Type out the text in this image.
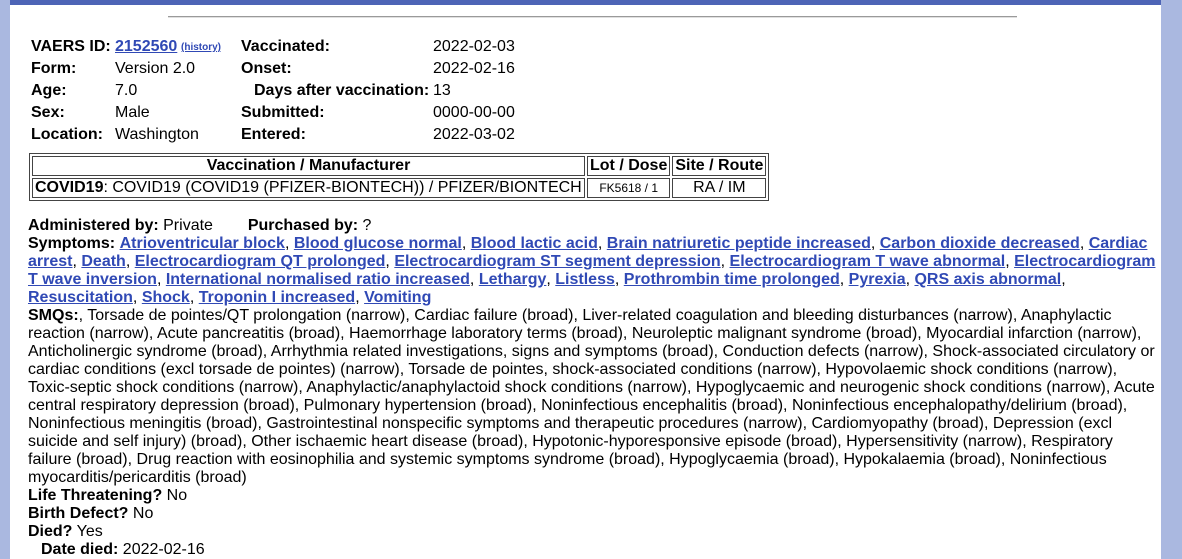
VAERS ID: 2152560 (history)
Form: Version 2.0
Age:	7.0
Sex:	Male
Location: Washington
Vaccinated:	2022-02-03
Onset:	2022-02-16
Days after vaccination: 13
Submitted:	0000-00-00
Entered:	2022-03-02
Vaccination / Manufacturer	Lot / Dose	Site / Route
COVID19: COVID19 (COVID19 (PFIZER-BIONTECH)) / PFIZER/BIONTECH	FK5618 / 1	RA / IM

Administered by: Private Purchased by: ?

Symptoms: Atrioventricular block, Blood glucose normal, Blood lactic acid, Brain natriuretic peptide increased, Carbon dioxide decreased, Cardiac arrest, Death, Electrocardiogram QT prolonged, Electrocardiogram ST segment depression, Electrocardiogram T wave abnormal, Electrocardiogram T wave inversion, International normalised ratio increased, Lethargy, Listless, Prothrombin time prolonged, Pyrexia, QRS axis abnormal, Resuscitation, Shock, Troponin I increased, Vomiting

SMQs:, Torsade de pointes/QT prolongation (narrow), Cardiac failure (broad), Liver-related coagulation and bleeding disturbances (narrow), Anaphylactic reaction (narrow), Acute pancreatitis (broad), Haemorrhage laboratory terms (broad), Neuroleptic malignant syndrome (broad), Myocardial infarction (narrow), Anticholinergic syndrome (broad), Arrhythmia related investigations, signs and symptoms (broad), Conduction defects (narrow), Shock-associated circulatory or cardiac conditions (excl torsade de pointes) (narrow), Torsade de pointes, shock-associated conditions (narrow), Hypovolaemic shock conditions (narrow), Toxic-septic shock conditions (narrow), Anaphylactic/anaphylactoid shock conditions (narrow), Hypoglycaemic and neurogenic shock conditions (narrow), Acute central respiratory depression (broad), Pulmonary hypertension (broad), Noninfectious encephalitis (broad), Noninfectious encephalopathy/delirium (broad), Noninfectious meningitis (broad), Gastrointestinal nonspecific symptoms and therapeutic procedures (narrow), Cardiomyopathy (broad), Depression (excl suicide and self injury) (broad), Other ischaemic heart disease (broad), Hypotonic-hyporesponsive episode (broad), Hypersensitivity (narrow), Respiratory failure (broad), Drug reaction with eosinophilia and systemic symptoms syndrome (broad), Hypoglycaemia (broad), Hypokalaemia (broad), Noninfectious myocarditis/pericarditis (broad)

Life Threatening? No

Birth Defect? No

Died? Yes

Date died: 2022-02-16
